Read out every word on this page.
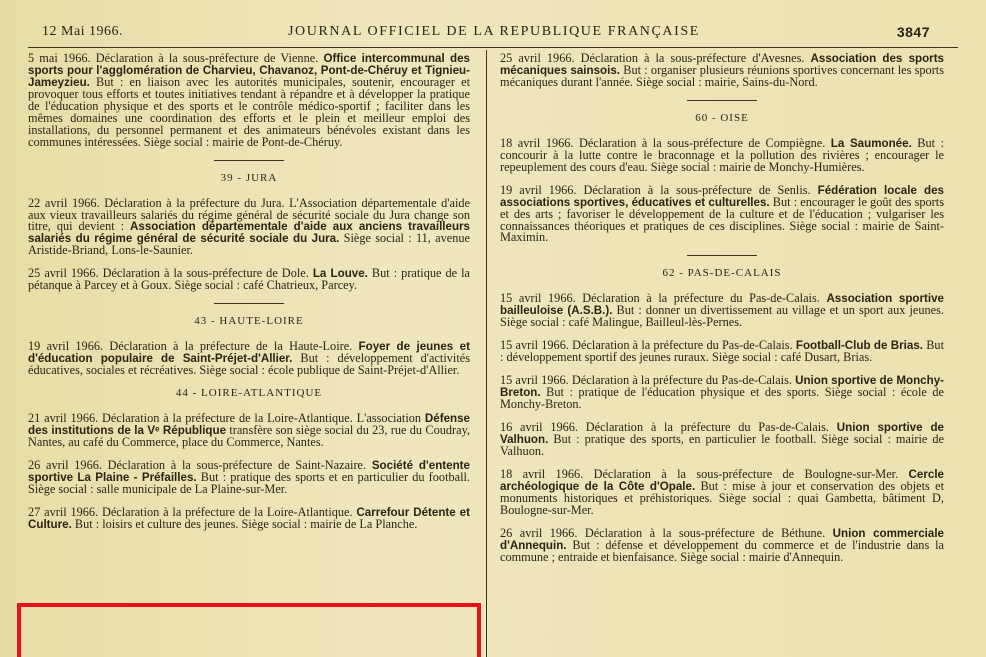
12 Mai 1966.	JOURNAL OFFICIEL DE LA REPUBLIQUE FRANÇAISE	3847

5 mai 1966. Déclaration à la sous-préfecture de Vienne. Office intercommunal des sports pour l'agglomération de Charvieu, Chavanoz, Pont-de-Chéruy et Tignieu-Jameyzieu. But : en liaison avec les autorités municipales, soutenir, encourager et provoquer tous efforts et toutes initiatives tendant à répandre et à développer la pratique de l'éducation physique et des sports et le contrôle médico-sportif ; faciliter dans les mêmes domaines une coordination des efforts et le plein et meilleur emploi des installations, du personnel permanent et des animateurs bénévoles existant dans les communes intéressées. Siège social : mairie de Pont-de-Chéruy.

39 - JURA

22 avril 1966. Déclaration à la préfecture du Jura. L'Association départementale d'aide aux vieux travailleurs salariés du régime général de sécurité sociale du Jura change son titre, qui devient : Association départementale d'aide aux anciens travailleurs salariés du régime général de sécurité sociale du Jura. Siège social : 11, avenue Aristide-Briand, Lons-le-Saunier.

25 avril 1966. Déclaration à la sous-préfecture de Dole. La Louve. But : pratique de la pétanque à Parcey et à Goux. Siège social : café Chatrieux, Parcey.

43 - HAUTE-LOIRE

19 avril 1966. Déclaration à la préfecture de la Haute-Loire. Foyer de jeunes et d'éducation populaire de Saint-Préjet-d'Allier. But : développement d'activités éducatives, sociales et récréatives. Siège social : école publique de Saint-Préjet-d'Allier.

44 - LOIRE-ATLANTIQUE

21 avril 1966. Déclaration à la préfecture de la Loire-Atlantique. L'association Défense des institutions de la Vᵉ République transfère son siège social du 23, rue du Coudray, Nantes, au café du Commerce, place du Commerce, Nantes.

26 avril 1966. Déclaration à la sous-préfecture de Saint-Nazaire. Société d'entente sportive La Plaine - Préfailles. But : pratique des sports et en particulier du football. Siège social : salle municipale de La Plaine-sur-Mer.

27 avril 1966. Déclaration à la préfecture de la Loire-Atlantique. Carrefour Détente et Culture. But : loisirs et culture des jeunes. Siège social : mairie de La Planche.

25 avril 1966. Déclaration à la sous-préfecture d'Avesnes. Association des sports mécaniques sainsois. But : organiser plusieurs réunions sportives concernant les sports mécaniques durant l'année. Siège social : mairie, Sains-du-Nord.

60 - OISE

18 avril 1966. Déclaration à la sous-préfecture de Compiègne. La Saumonée. But : concourir à la lutte contre le braconnage et la pollution des rivières ; encourager le repeuplement des cours d'eau. Siège social : mairie de Monchy-Humières.

19 avril 1966. Déclaration à la sous-préfecture de Senlis. Fédération locale des associations sportives, éducatives et culturelles. But : encourager le goût des sports et des arts ; favoriser le développement de la culture et de l'éducation ; vulgariser les connaissances théoriques et pratiques de ces disciplines. Siège social : mairie de Saint-Maximin.

62 - PAS-DE-CALAIS

15 avril 1966. Déclaration à la préfecture du Pas-de-Calais. Association sportive bailleuloise (A.S.B.). But : donner un divertissement au village et un sport aux jeunes. Siège social : café Malingue, Bailleul-lès-Pernes.

15 avril 1966. Déclaration à la préfecture du Pas-de-Calais. Football-Club de Brias. But : développement sportif des jeunes ruraux. Siège social : café Dusart, Brias.

15 avril 1966. Déclaration à la préfecture du Pas-de-Calais. Union sportive de Monchy-Breton. But : pratique de l'éducation physique et des sports. Siège social : école de Monchy-Breton.

16 avril 1966. Déclaration à la préfecture du Pas-de-Calais. Union sportive de Valhuon. But : pratique des sports, en particulier le football. Siège social : mairie de Valhuon.

18 avril 1966. Déclaration à la sous-préfecture de Boulogne-sur-Mer. Cercle archéologique de la Côte d'Opale. But : mise à jour et conservation des objets et monuments historiques et préhistoriques. Siège social : quai Gambetta, bâtiment D, Boulogne-sur-Mer.

26 avril 1966. Déclaration à la sous-préfecture de Béthune. Union commerciale d'Annequin. But : défense et développement du commerce et de l'industrie dans la commune ; entraide et bienfaisance. Siège social : mairie d'Annequin.
